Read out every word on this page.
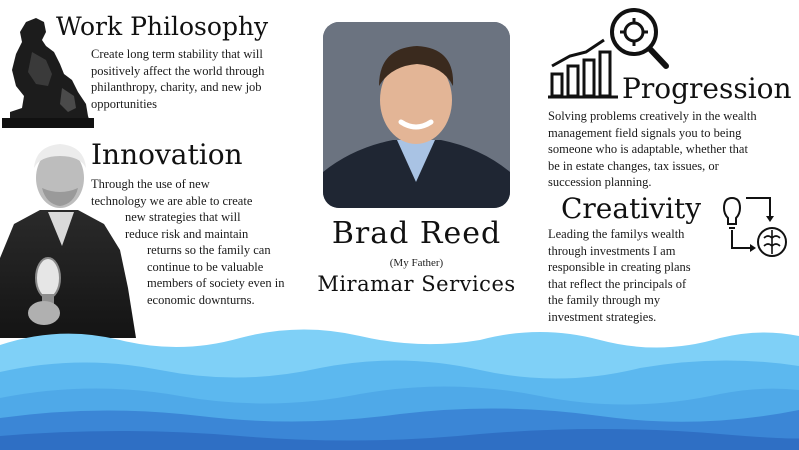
Work Philosophy

Create long term stability that will
positively affect the world through
philanthropy, charity, and new job
opportunities

Innovation

Through the use of new
technology we are able to create
new strategies that will
reduce risk and maintain
returns so the family can
continue to be valuable
members of society even in
economic downturns.

Brad Reed
(My Father)
Miramar Services
Progression

Solving problems creatively in the wealth
management field signals you to being
someone who is adaptable, whether that
be in estate changes, tax issues, or
succession planning.

Creativity

Leading the familys wealth
through investments I am
responsible in creating plans
that reflect the principals of
the family through my
investment strategies.
